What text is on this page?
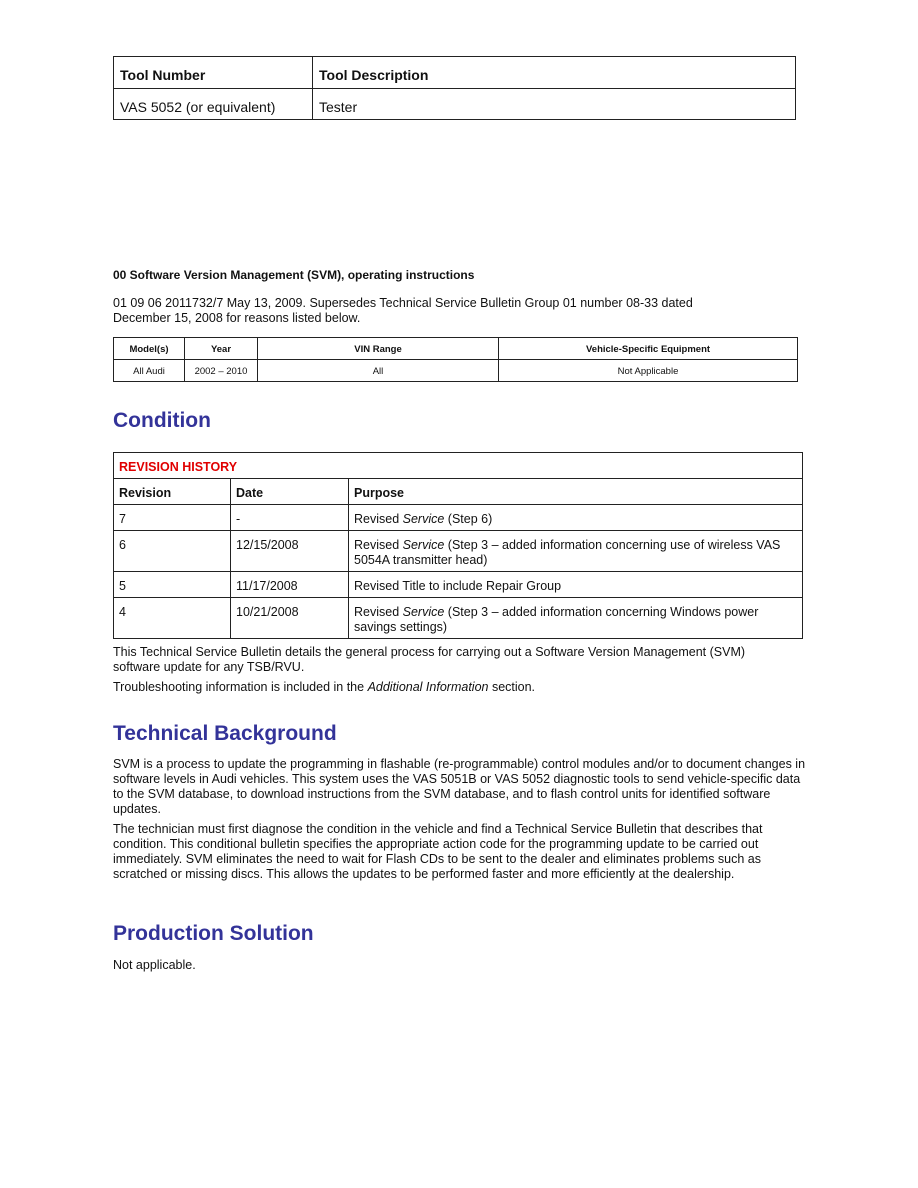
Tool Number	Tool Description
VAS 5052 (or equivalent)	Tester
00 Software Version Management (SVM), operating instructions

01 09 06 2011732/7 May 13, 2009. Supersedes Technical Service Bulletin Group 01 number 08-33 dated

December 15, 2008 for reasons listed below.

Model(s)	Year	VIN Range	Vehicle-Specific Equipment
All Audi	2002 – 2010	All	Not Applicable
Condition
REVISION HISTORY		
Revision	Date	Purpose
7	-	Revised Service (Step 6)
6	12/15/2008	Revised Service (Step 3 – added information concerning use of wireless VAS 5054A transmitter head)
5	11/17/2008	Revised Title to include Repair Group
4	10/21/2008	Revised Service (Step 3 – added information concerning Windows power savings settings)

This Technical Service Bulletin details the general process for carrying out a Software Version Management (SVM) software update for any TSB/RVU.

Troubleshooting information is included in the Additional Information section.

Technical Background

SVM is a process to update the programming in flashable (re-programmable) control modules and/or to document changes in software levels in Audi vehicles. This system uses the VAS 5051B or VAS 5052 diagnostic tools to send vehicle-specific data to the SVM database, to download instructions from the SVM database, and to flash control units for identified software updates.

The technician must first diagnose the condition in the vehicle and find a Technical Service Bulletin that describes that condition. This conditional bulletin specifies the appropriate action code for the programming update to be carried out immediately. SVM eliminates the need to wait for Flash CDs to be sent to the dealer and eliminates problems such as scratched or missing discs. This allows the updates to be performed faster and more efficiently at the dealership.

Production Solution

Not applicable.
